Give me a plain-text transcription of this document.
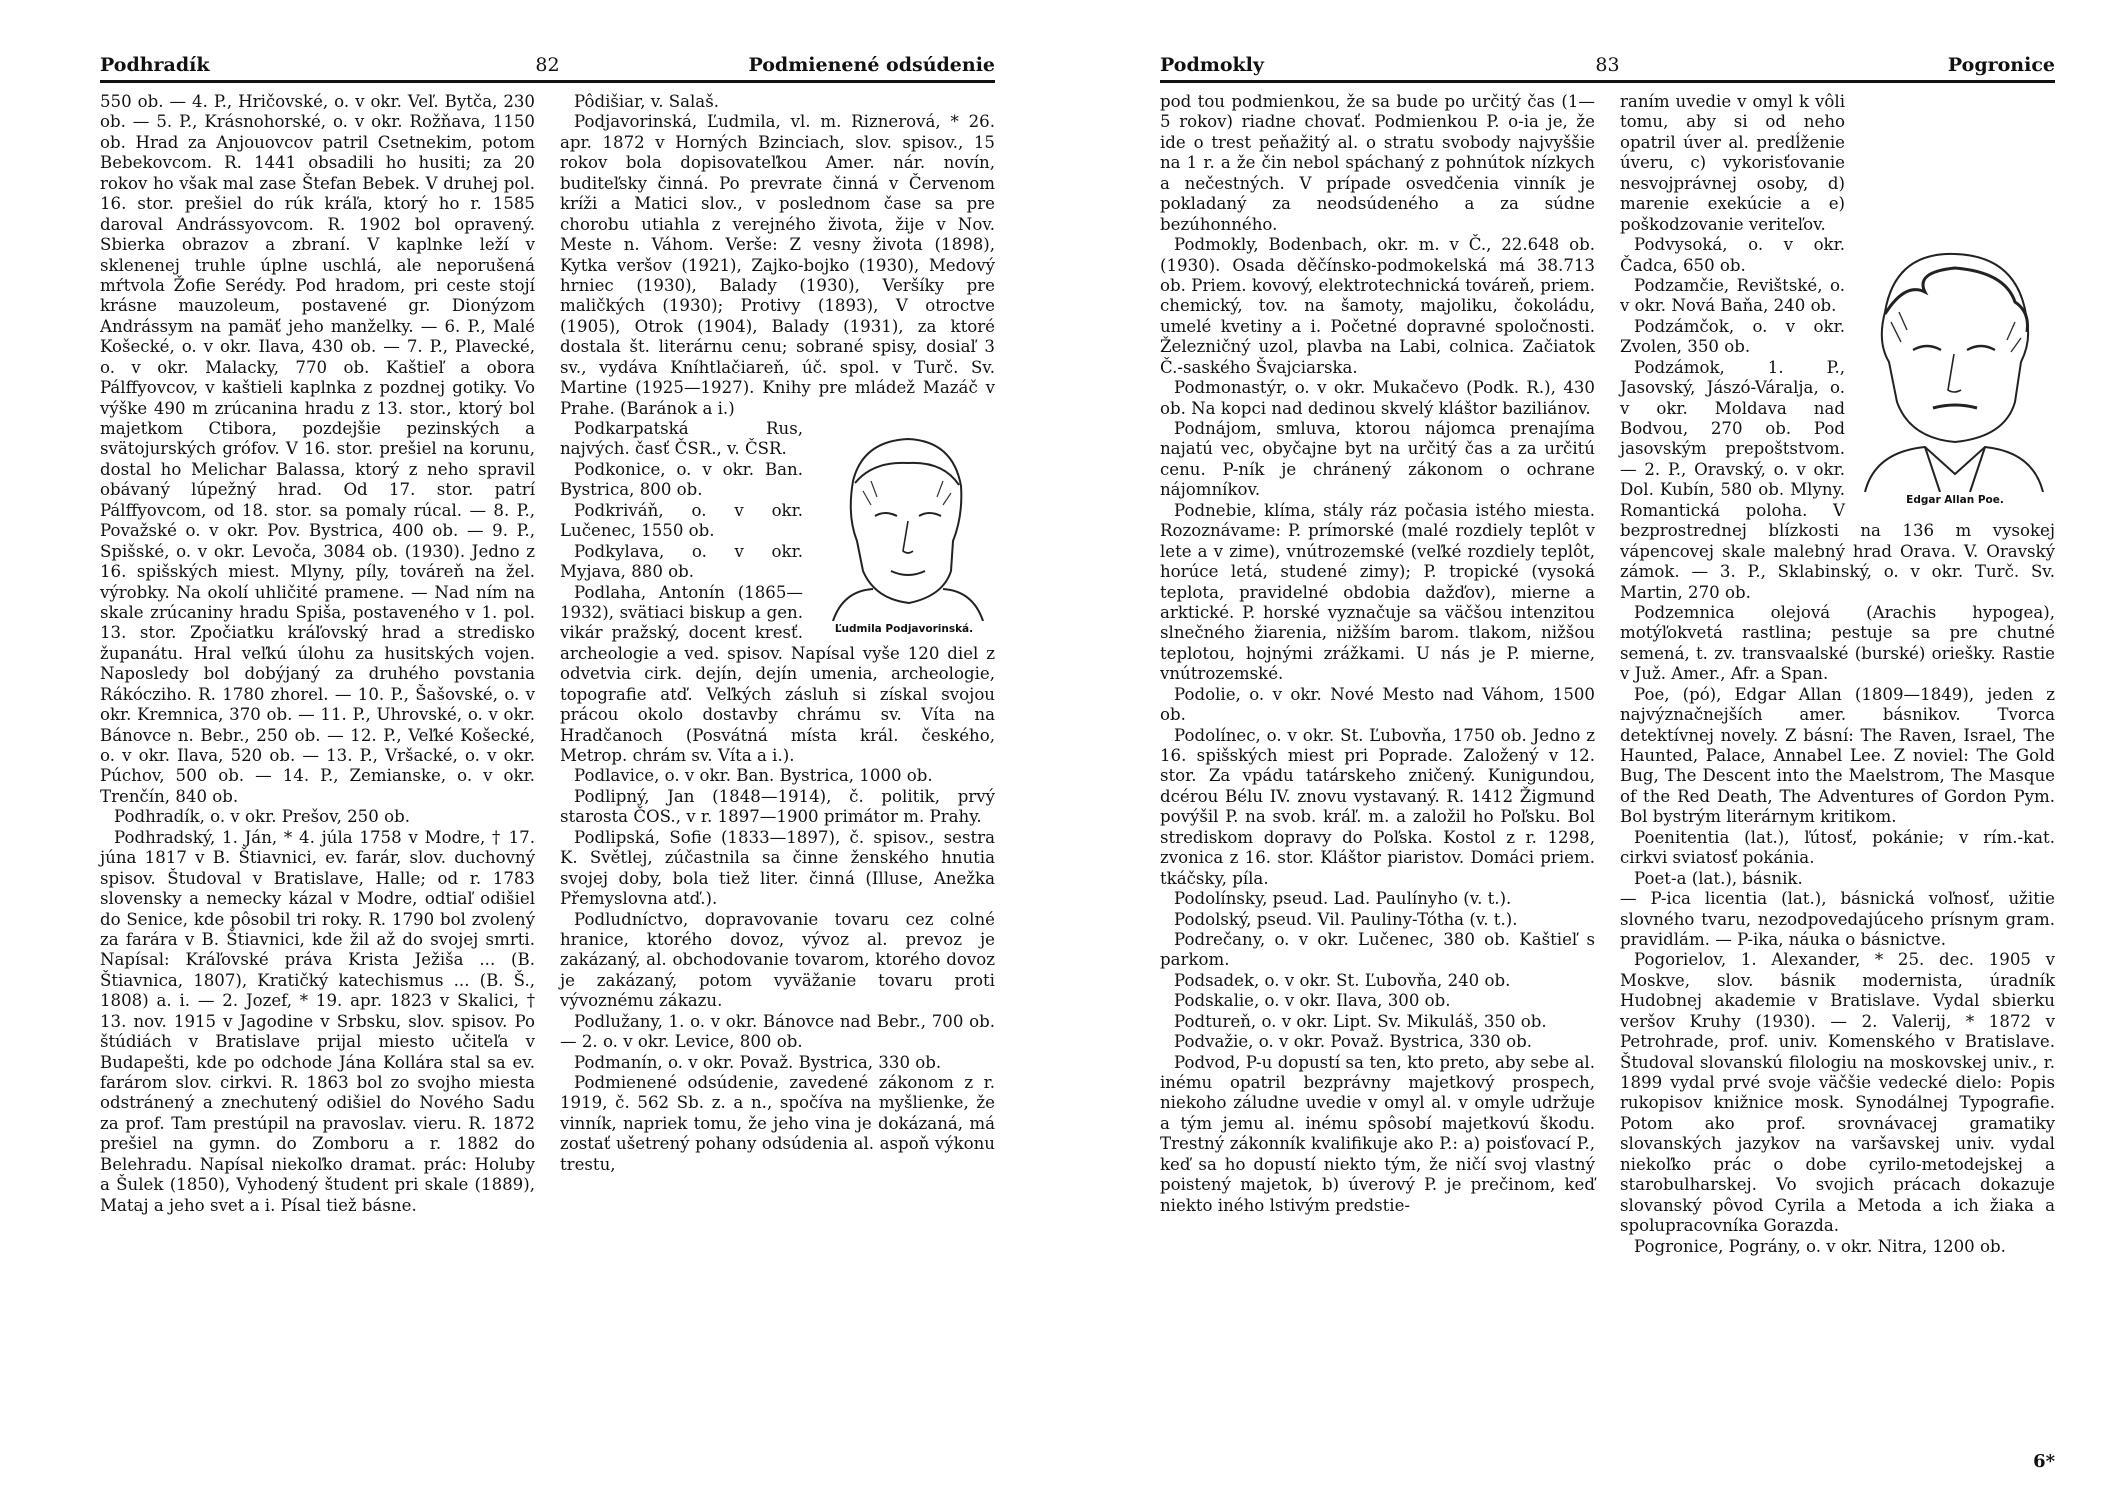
Podhradík	82	Podmienené odsúdenie

550 ob. — 4. P., Hričovské, o. v okr. Veľ. Bytča, 230 ob. — 5. P., Krásnohorské, o. v okr. Rožňava, 1150 ob. Hrad za Anjouovcov patril Csetnekim, potom Bebekovcom. R. 1441 obsadili ho husiti; za 20 rokov ho však mal zase Štefan Bebek. V druhej pol. 16. stor. prešiel do rúk kráľa, ktorý ho r. 1585 daroval Andrássyovcom. R. 1902 bol opravený. Sbierka obrazov a zbraní. V kaplnke leží v sklenenej truhle úplne uschlá, ale neporušená mŕtvola Žofie Serédy. Pod hradom, pri ceste stojí krásne mauzoleum, postavené gr. Dionýzom Andrássym na pamäť jeho manželky. — 6. P., Malé Košecké, o. v okr. Ilava, 430 ob. — 7. P., Plavecké, o. v okr. Malacky, 770 ob. Kaštieľ a obora Pálffyovcov, v kaštieli kaplnka z pozdnej gotiky. Vo výške 490 m zrúcanina hradu z 13. stor., ktorý bol majetkom Ctibora, pozdejšie pezinských a svätojurských grófov. V 16. stor. prešiel na korunu, dostal ho Melichar Balassa, ktorý z neho spravil obávaný lúpežný hrad. Od 17. stor. patrí Pálffyovcom, od 18. stor. sa pomaly rúcal. — 8. P., Považské o. v okr. Pov. Bystrica, 400 ob. — 9. P., Spišské, o. v okr. Levoča, 3084 ob. (1930). Jedno z 16. spišských miest. Mlyny, píly, továreň na žel. výrobky. Na okolí uhličité pramene. — Nad ním na skale zrúcaniny hradu Spiša, postaveného v 1. pol. 13. stor. Zpočiatku kráľovský hrad a stredisko županátu. Hral veľkú úlohu za husitských vojen. Naposledy bol dobýjaný za druhého povstania Rákócziho. R. 1780 zhorel. — 10. P., Šašovské, o. v okr. Kremnica, 370 ob. — 11. P., Uhrovské, o. v okr. Bánovce n. Bebr., 250 ob. — 12. P., Veľké Košecké, o. v okr. Ilava, 520 ob. — 13. P., Vršacké, o. v okr. Púchov, 500 ob. — 14. P., Zemianske, o. v okr. Trenčín, 840 ob.

Podhradík, o. v okr. Prešov, 250 ob.

Podhradský, 1. Ján, * 4. júla 1758 v Modre, † 17. júna 1817 v B. Štiavnici, ev. farár, slov. duchovný spisov. Študoval v Bratislave, Halle; od r. 1783 slovensky a nemecky kázal v Modre, odtiaľ odišiel do Senice, kde pôsobil tri roky. R. 1790 bol zvolený za farára v B. Štiavnici, kde žil až do svojej smrti. Napísal: Kráľovské práva Krista Ježiša ... (B. Štiavnica, 1807), Kratičký katechismus ... (B. Š., 1808) a. i. — 2. Jozef, * 19. apr. 1823 v Skalici, † 13. nov. 1915 v Jagodine v Srbsku, slov. spisov. Po štúdiách v Bratislave prijal miesto učiteľa v Budapešti, kde po odchode Jána Kollára stal sa ev. farárom slov. cirkvi. R. 1863 bol zo svojho miesta odstránený a znechutený odišiel do Nového Sadu za prof. Tam prestúpil na pravoslav. vieru. R. 1872 prešiel na gymn. do Zomboru a r. 1882 do Belehradu. Napísal niekoľko dramat. prác: Holuby a Šulek (1850), Vyhodený študent pri skale (1889), Mataj a jeho svet a i. Písal tiež básne.

Pôdišiar, v. Salaš.

Podjavorinská, Ľudmila, vl. m. Riznerová, * 26. apr. 1872 v Horných Bzinciach, slov. spisov., 15 rokov bola dopisovateľkou Amer. nár. novín, buditeľsky činná. Po prevrate činná v Červenom kríži a Matici slov., v poslednom čase sa pre chorobu utiahla z verejného života, žije v Nov. Meste n. Váhom. Verše: Z vesny života (1898), Kytka veršov (1921), Zajko-bojko (1930), Medový hrniec (1930), Balady (1930), Veršíky pre maličkých (1930); Protivy (1893), V otroctve (1905), Otrok (1904), Balady (1931), za ktoré dostala št. literárnu cenu; sobrané spisy, dosiaľ 3 sv., vydáva Kníhtlačiareň, úč. spol. v Turč. Sv. Martine (1925—1927). Knihy pre mládež Mazáč v Prahe. (Baránok a i.)

Ľudmila Podjavorinská.

Podkarpatská Rus, najvých. časť ČSR., v. ČSR.

Podkonice, o. v okr. Ban. Bystrica, 800 ob.

Podkriváň, o. v okr. Lučenec, 1550 ob.

Podkylava, o. v okr. Myjava, 880 ob.

Podlaha, Antonín (1865—1932), svätiaci biskup a gen. vikár pražský, docent kresť. archeologie a ved. spisov. Napísal vyše 120 diel z odvetvia cirk. dejín, dejín umenia, archeologie, topografie atď. Veľkých zásluh si získal svojou prácou okolo dostavby chrámu sv. Víta na Hradčanoch (Posvátná místa král. českého, Metrop. chrám sv. Víta a i.).

Podlavice, o. v okr. Ban. Bystrica, 1000 ob.

Podlipný, Jan (1848—1914), č. politik, prvý starosta ČOS., v r. 1897—1900 primátor m. Prahy.

Podlipská, Sofie (1833—1897), č. spisov., sestra K. Světlej, zúčastnila sa činne ženského hnutia svojej doby, bola tiež liter. činná (Illuse, Anežka Přemyslovna atď.).

Podludníctvo, dopravovanie tovaru cez colné hranice, ktorého dovoz, vývoz al. prevoz je zakázaný, al. obchodovanie tovarom, ktorého dovoz je zakázaný, potom vyväžanie tovaru proti vývoznému zákazu.

Podlužany, 1. o. v okr. Bánovce nad Bebr., 700 ob. — 2. o. v okr. Levice, 800 ob.

Podmanín, o. v okr. Považ. Bystrica, 330 ob.

Podmienené odsúdenie, zavedené zákonom z r. 1919, č. 562 Sb. z. a n., spočíva na myšlienke, že vinník, napriek tomu, že jeho vina je dokázaná, má zostať ušetrený pohany odsúdenia al. aspoň výkonu trestu,

Podmokly	83	Pogronice

pod tou podmienkou, že sa bude po určitý čas (1—5 rokov) riadne chovať. Podmienkou P. o-ia je, že ide o trest peňažitý al. o stratu svobody najvyššie na 1 r. a že čin nebol spáchaný z pohnútok nízkych a nečestných. V prípade osvedčenia vinník je pokladaný za neodsúdeného a za súdne bezúhonného.

Podmokly, Bodenbach, okr. m. v Č., 22.648 ob. (1930). Osada děčínsko-podmokelská má 38.713 ob. Priem. kovový, elektrotechnická továreň, priem. chemický, tov. na šamoty, majoliku, čokoládu, umelé kvetiny a i. Početné dopravné spoločnosti. Železničný uzol, plavba na Labi, colnica. Začiatok Č.-saského Švajciarska.

Podmonastýr, o. v okr. Mukačevo (Podk. R.), 430 ob. Na kopci nad dedinou skvelý kláštor baziliánov.

Podnájom, smluva, ktorou nájomca prenajíma najatú vec, obyčajne byt na určitý čas a za určitú cenu. P-ník je chránený zákonom o ochrane nájomníkov.

Podnebie, klíma, stály ráz počasia istého miesta. Rozoznávame: P. prímorské (malé rozdiely teplôt v lete a v zime), vnútrozemské (veľké rozdiely teplôt, horúce letá, studené zimy); P. tropické (vysoká teplota, pravidelné obdobia dažďov), mierne a arktické. P. horské vyznačuje sa väčšou intenzitou slnečného žiarenia, nižším barom. tlakom, nižšou teplotou, hojnými zrážkami. U nás je P. mierne, vnútrozemské.

Podolie, o. v okr. Nové Mesto nad Váhom, 1500 ob.

Podolínec, o. v okr. St. Ľubovňa, 1750 ob. Jedno z 16. spišských miest pri Poprade. Založený v 12. stor. Za vpádu tatárskeho zničený. Kunigundou, dcérou Bélu IV. znovu vystavaný. R. 1412 Žigmund povýšil P. na svob. kráľ. m. a založil ho Poľsku. Bol strediskom dopravy do Poľska. Kostol z r. 1298, zvonica z 16. stor. Kláštor piaristov. Domáci priem. tkáčsky, píla.

Podolínsky, pseud. Lad. Paulínyho (v. t.).

Podolský, pseud. Vil. Pauliny-Tótha (v. t.).

Podrečany, o. v okr. Lučenec, 380 ob. Kaštieľ s parkom.

Podsadek, o. v okr. St. Ľubovňa, 240 ob.

Podskalie, o. v okr. Ilava, 300 ob.

Podtureň, o. v okr. Lipt. Sv. Mikuláš, 350 ob.

Podvažie, o. v okr. Považ. Bystrica, 330 ob.

Podvod, P-u dopustí sa ten, kto preto, aby sebe al. inému opatril bezprávny majetkový prospech, niekoho záludne uvedie v omyl al. v omyle udržuje a tým jemu al. inému spôsobí majetkovú škodu. Trestný zákonník kvalifikuje ako P.: a) poisťovací P., keď sa ho dopustí niekto tým, že ničí svoj vlastný poistený majetok, b) úverový P. je prečinom, keď niekto iného lstivým predstie-

Edgar Allan Poe.

raním uvedie v omyl k vôli tomu, aby si od neho opatril úver al. predĺženie úveru, c) vykorisťovanie nesvojprávnej osoby, d) marenie exekúcie a e) poškodzovanie veriteľov.

Podvysoká, o. v okr. Čadca, 650 ob.

Podzamčie, Revištské, o. v okr. Nová Baňa, 240 ob.

Podzámčok, o. v okr. Zvolen, 350 ob.

Podzámok, 1. P., Jasovský, Jászó-Váralja, o. v okr. Moldava nad Bodvou, 270 ob. Pod jasovským prepoštstvom. — 2. P., Oravský, o. v okr. Dol. Kubín, 580 ob. Mlyny. Romantická poloha. V bezprostrednej blízkosti na 136 m vysokej vápencovej skale malebný hrad Orava. V. Oravský zámok. — 3. P., Sklabinský, o. v okr. Turč. Sv. Martin, 270 ob.

Podzemnica olejová (Arachis hypogea), motýľokvetá rastlina; pestuje sa pre chutné semená, t. zv. transvaalské (burské) oriešky. Rastie v Juž. Amer., Afr. a Span.

Poe, (pó), Edgar Allan (1809—1849), jeden z najvýznačnejších amer. básnikov. Tvorca detektívnej novely. Z básní: The Raven, Israel, The Haunted, Palace, Annabel Lee. Z noviel: The Gold Bug, The Descent into the Maelstrom, The Masque of the Red Death, The Adventures of Gordon Pym. Bol bystrým literárnym kritikom.

Poenitentia (lat.), ľútosť, pokánie; v rím.-kat. cirkvi sviatosť pokánia.

Poet-a (lat.), básnik.

— P-ica licentia (lat.), básnická voľnosť, užitie slovného tvaru, nezodpovedajúceho prísnym gram. pravidlám. — P-ika, náuka o básnictve.

Pogorielov, 1. Alexander, * 25. dec. 1905 v Moskve, slov. básnik modernista, úradník Hudobnej akademie v Bratislave. Vydal sbierku veršov Kruhy (1930). — 2. Valerij, * 1872 v Petrohrade, prof. univ. Komenského v Bratislave. Študoval slovanskú filologiu na moskovskej univ., r. 1899 vydal prvé svoje väčšie vedecké dielo: Popis rukopisov knižnice mosk. Synodálnej Typografie. Potom ako prof. srovnávacej gramatiky slovanských jazykov na varšavskej univ. vydal niekoľko prác o dobe cyrilo-metodejskej a starobulharskej. Vo svojich prácach dokazuje slovanský pôvod Cyrila a Metoda a ich žiaka a spolupracovníka Gorazda.

Pogronice, Pográny, o. v okr. Nitra, 1200 ob.

6*
